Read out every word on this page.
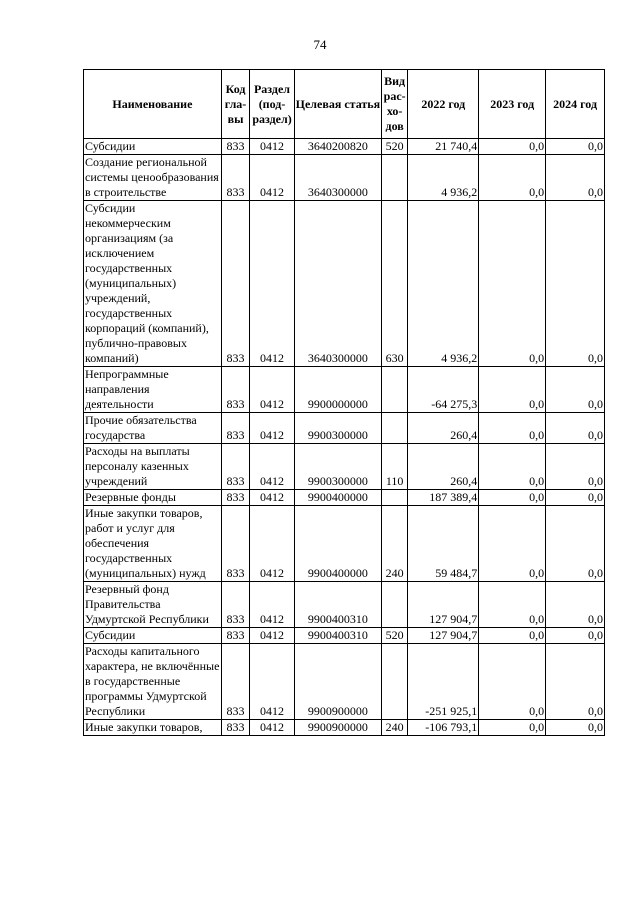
74
Наименование	Код гла-вы	Раздел (под-раздел)	Целевая статья	Вид рас-хо-дов	2022 год	2023 год	2024 год
Субсидии	833	0412	3640200820	520	21 740,4	0,0	0,0
Создание региональной системы ценообразования в строительстве	833	0412	3640300000		4 936,2	0,0	0,0
Субсидии некоммерческим организациям (за исключением государственных (муниципальных) учреждений, государственных корпораций (компаний), публично-правовых компаний)	833	0412	3640300000	630	4 936,2	0,0	0,0
Непрограммные направления деятельности	833	0412	9900000000		-64 275,3	0,0	0,0
Прочие обязательства государства	833	0412	9900300000		260,4	0,0	0,0
Расходы на выплаты персоналу казенных учреждений	833	0412	9900300000	110	260,4	0,0	0,0
Резервные фонды	833	0412	9900400000		187 389,4	0,0	0,0
Иные закупки товаров, работ и услуг для обеспечения государственных (муниципальных) нужд	833	0412	9900400000	240	59 484,7	0,0	0,0
Резервный фонд Правительства Удмуртской Республики	833	0412	9900400310		127 904,7	0,0	0,0
Субсидии	833	0412	9900400310	520	127 904,7	0,0	0,0
Расходы капитального характера, не включённые в государственные программы Удмуртской Республики	833	0412	9900900000		-251 925,1	0,0	0,0
Иные закупки товаров,	833	0412	9900900000	240	-106 793,1	0,0	0,0
